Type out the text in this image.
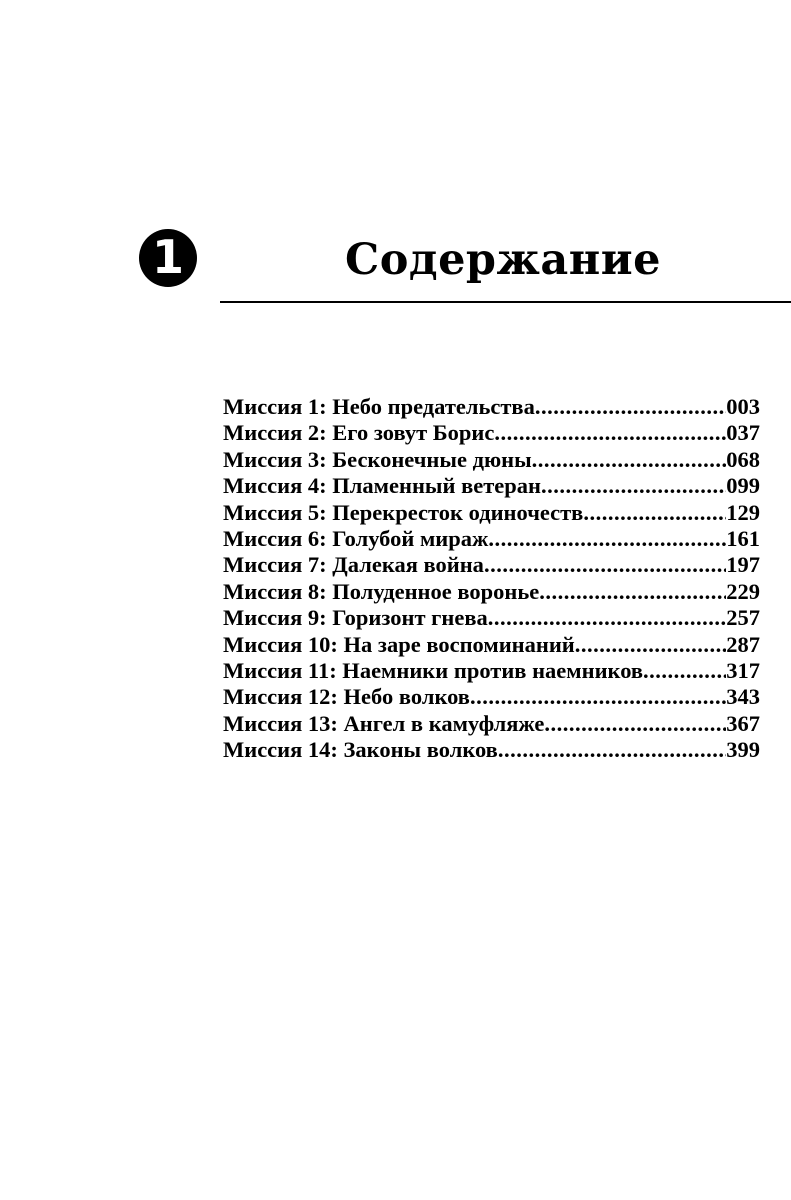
1	Содержание
Миссия 1: Небо предательства .....	003
Миссия 2: Его зовут Борис .....	037
Миссия 3: Бесконечные дюны .....	068
Миссия 4: Пламенный ветеран .....	099
Миссия 5: Перекресток одиночеств .....	129
Миссия 6: Голубой мираж .....	161
Миссия 7: Далекая война .....	197
Миссия 8: Полуденное воронье .....	229
Миссия 9: Горизонт гнева .....	257
Миссия 10: На заре воспоминаний .....	287
Миссия 11: Наемники против наемников .....	317
Миссия 12: Небо волков .....	343
Миссия 13: Ангел в камуфляже .....	367
Миссия 14: Законы волков .....	399
